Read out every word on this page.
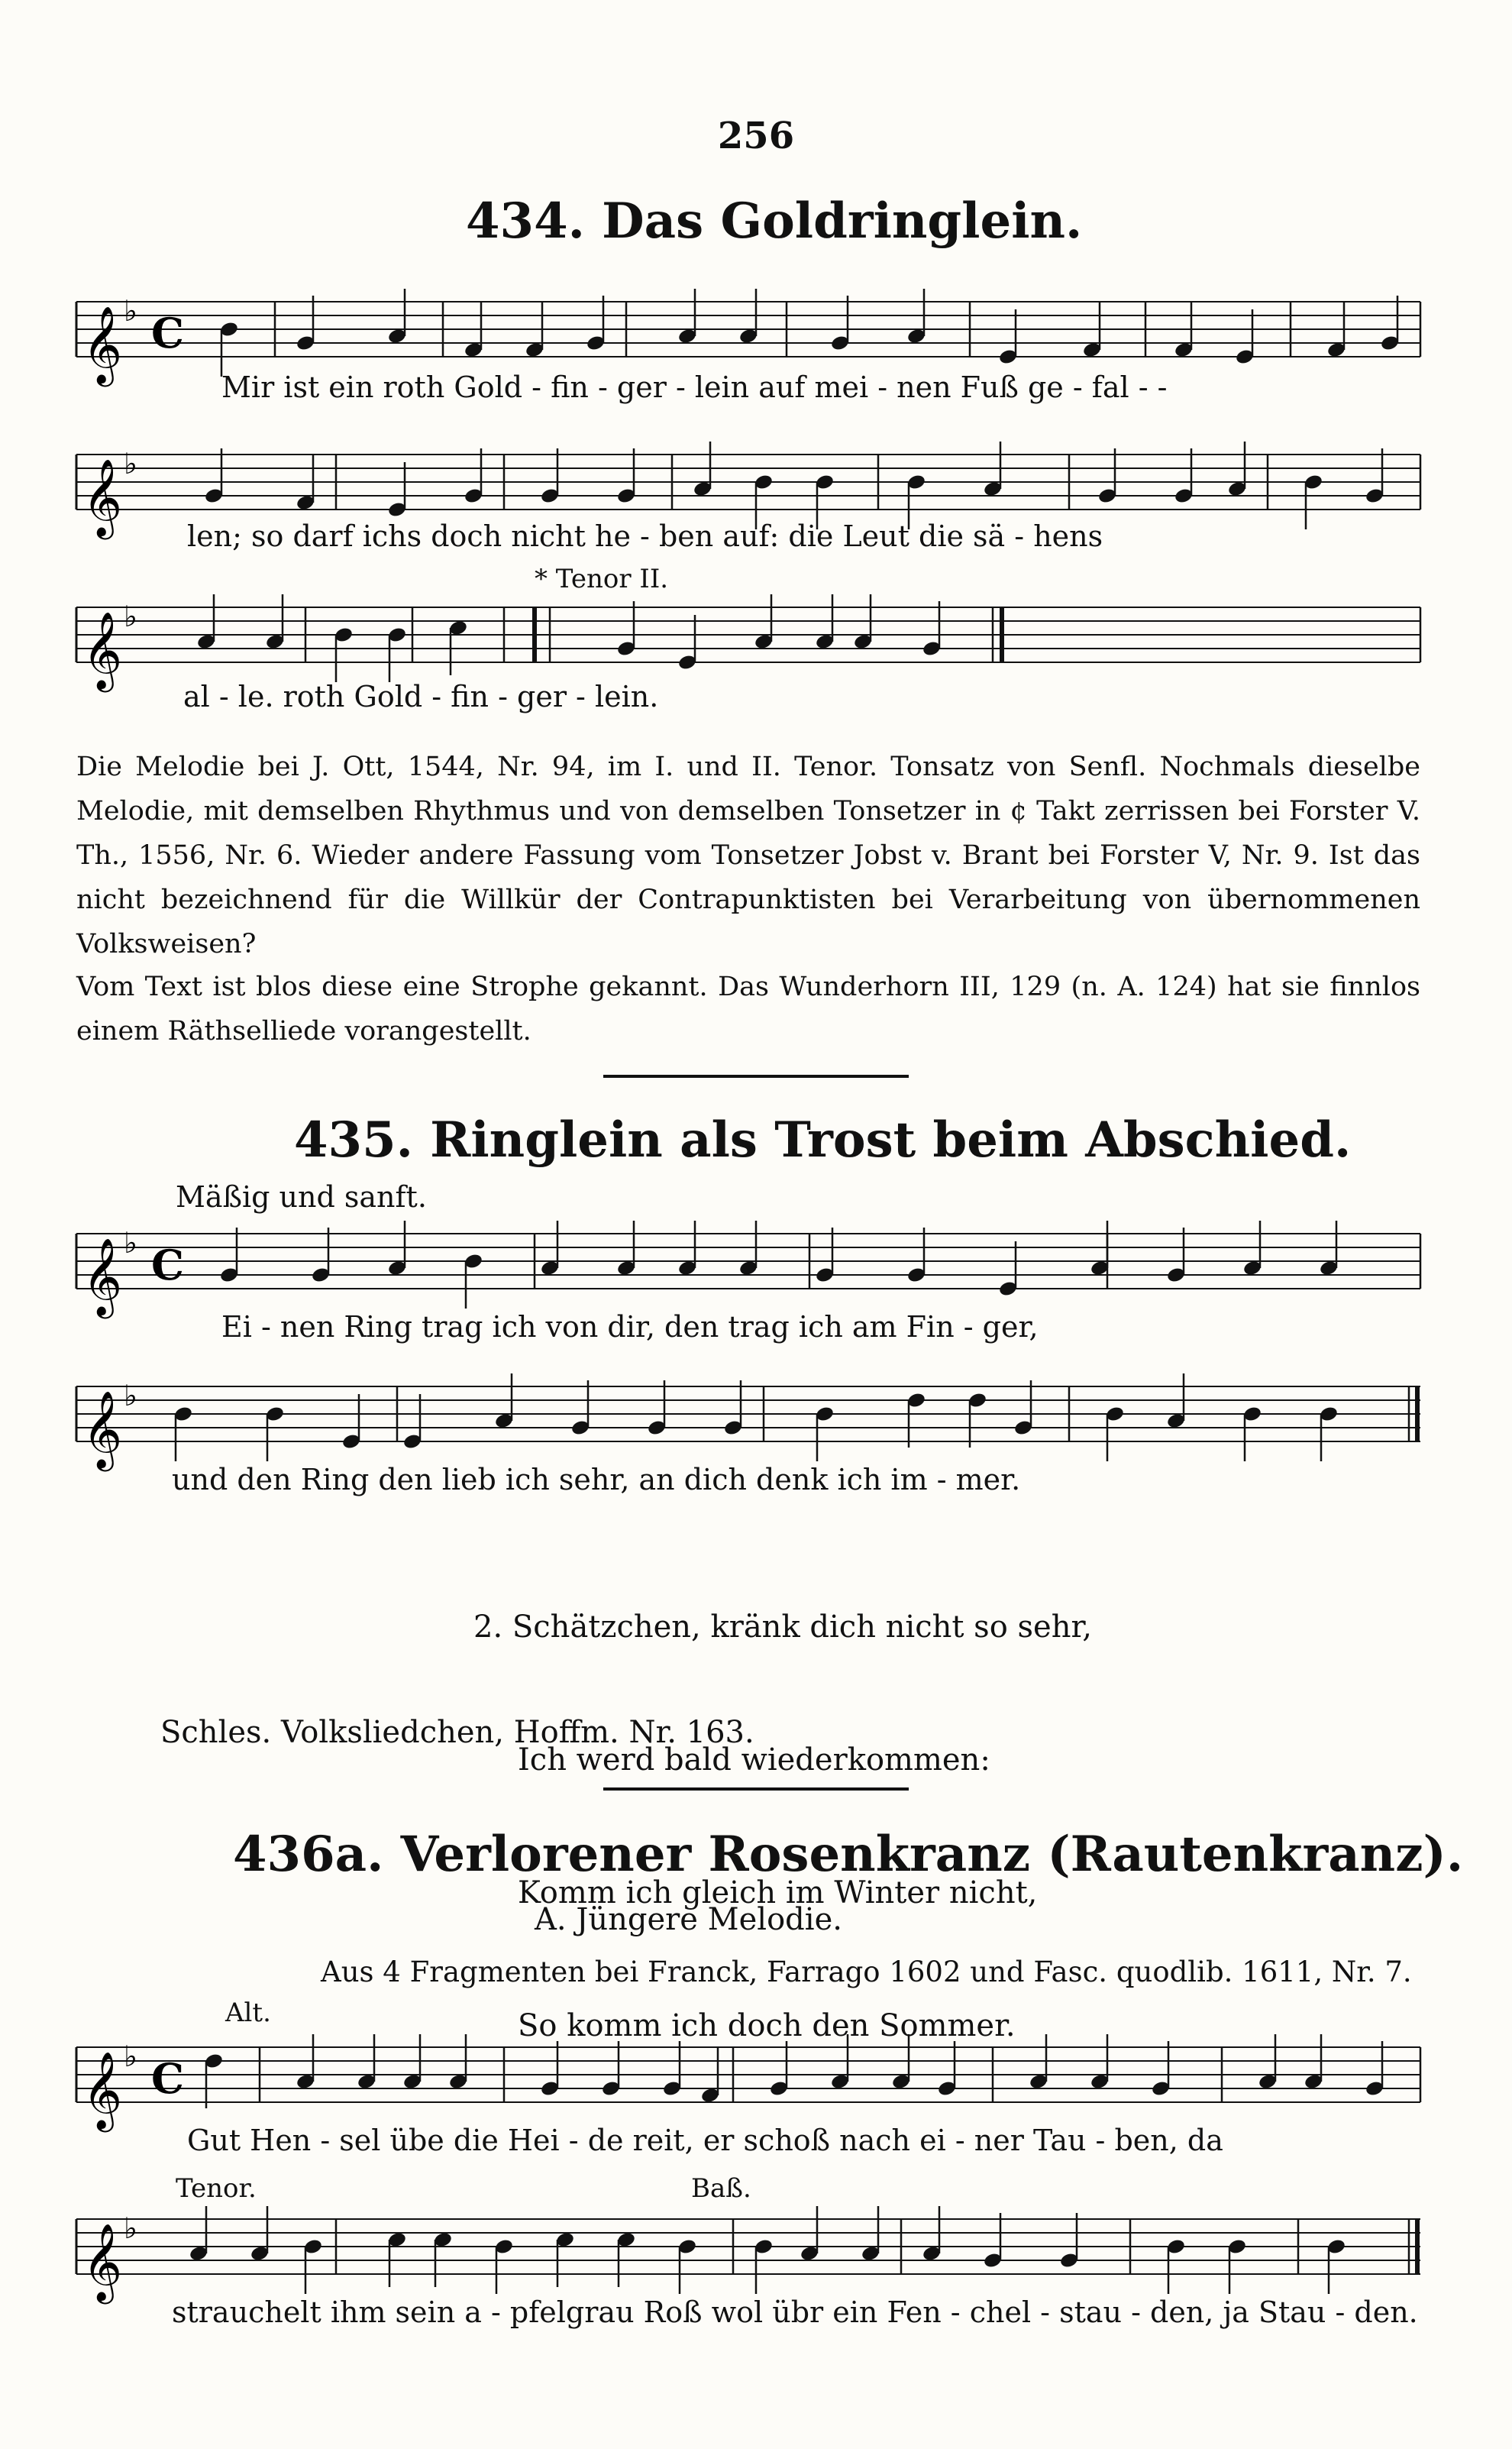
256
434. Das Goldringlein.
𝄞 ♭ C
Mir ist ein roth Gold - fin - ger - lein auf mei - nen Fuß ge - fal - -
𝄞 ♭
len; so darf ichs doch nicht he - ben auf: die Leut die sä - hens
* Tenor II.
𝄞 ♭
al - le. roth Gold - fin - ger - lein.
Die Melodie bei J. Ott, 1544, Nr. 94, im I. und II. Tenor. Tonsatz von Senfl. Nochmals dieselbe Melodie, mit demselben Rhythmus und von demselben Tonsetzer in ¢ Takt zerrissen bei Forster V. Th., 1556, Nr. 6. Wieder andere Fassung vom Tonsetzer Jobst v. Brant bei Forster V, Nr. 9. Ist das nicht bezeichnend für die Willkür der Contrapunktisten bei Verarbeitung von übernommenen Volksweisen?
Vom Text ist blos diese eine Strophe gekannt. Das Wunderhorn III, 129 (n. A. 124) hat sie finnlos einem Räthselliede vorangestellt.
435. Ringlein als Trost beim Abschied.
Mäßig und sanft.
𝄞 ♭ C
Ei - nen Ring trag ich von dir, den trag ich am Fin - ger,
𝄞 ♭
und den Ring den lieb ich sehr, an dich denk ich im - mer.

2. Schätzchen, kränk dich nicht so sehr,

Ich werd bald wiederkommen:

Komm ich gleich im Winter nicht,

So komm ich doch den Sommer.

Schles. Volksliedchen, Hoffm. Nr. 163.
436a. Verlorener Rosenkranz (Rautenkranz).
A. Jüngere Melodie.
Aus 4 Fragmenten bei Franck, Farrago 1602 und Fasc. quodlib. 1611, Nr. 7.
Alt.
𝄞 ♭ C
Gut Hen - sel übe die Hei - de reit, er schoß nach ei - ner Tau - ben, da
Tenor.	Baß.
𝄞 ♭
strauchelt ihm sein a - pfelgrau Roß wol übr ein Fen - chel - stau - den, ja Stau - den.
